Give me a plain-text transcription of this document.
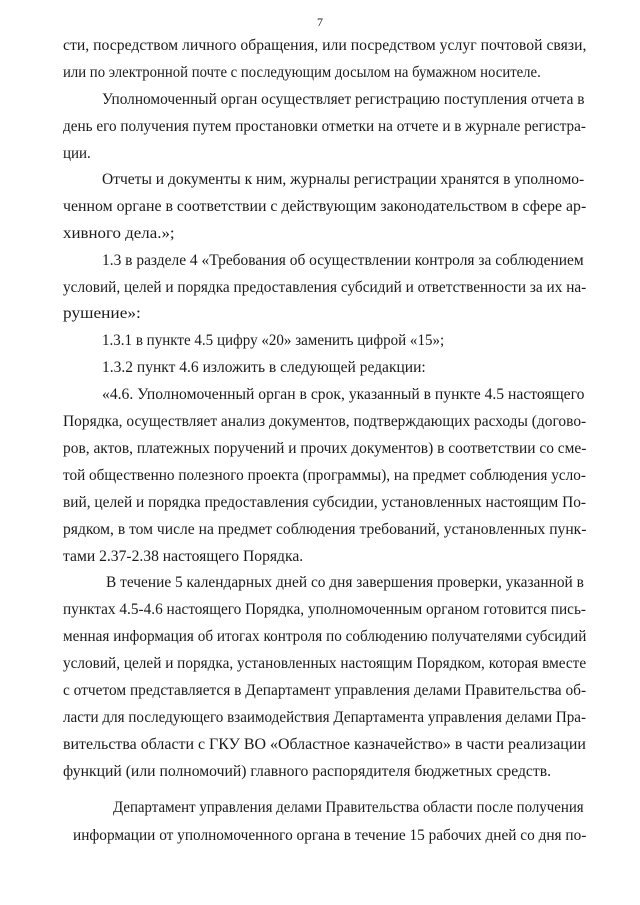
7
сти, посредством личного обращения, или посредством услуг почтовой связи,
или по электронной почте с последующим досылом на бумажном носителе.
Уполномоченный орган осуществляет регистрацию поступления отчета в
день его получения путем простановки отметки на отчете и в журнале регистра-
ции.
Отчеты и документы к ним, журналы регистрации хранятся в уполномо-
ченном органе в соответствии с действующим законодательством в сфере ар-
хивного дела.»;
1.3 в разделе 4 «Требования об осуществлении контроля за соблюдением
условий, целей и порядка предоставления субсидий и ответственности за их на-
рушение»:
1.3.1 в пункте 4.5 цифру «20» заменить цифрой «15»;
1.3.2 пункт 4.6 изложить в следующей редакции:
«4.6. Уполномоченный орган в срок, указанный в пункте 4.5 настоящего
Порядка, осуществляет анализ документов, подтверждающих расходы (догово-
ров, актов, платежных поручений и прочих документов) в соответствии со сме-
той общественно полезного проекта (программы), на предмет соблюдения усло-
вий, целей и порядка предоставления субсидии, установленных настоящим По-
рядком, в том числе на предмет соблюдения требований, установленных пунк-
тами 2.37-2.38 настоящего Порядка.
В течение 5 календарных дней со дня завершения проверки, указанной в
пунктах 4.5-4.6 настоящего Порядка, уполномоченным органом готовится пись-
менная информация об итогах контроля по соблюдению получателями субсидий
условий, целей и порядка, установленных настоящим Порядком, которая вместе
с отчетом представляется в Департамент управления делами Правительства об-
ласти для последующего взаимодействия Департамента управления делами Пра-
вительства области с ГКУ ВО «Областное казначейство» в части реализации
функций (или полномочий) главного распорядителя бюджетных средств.
Департамент управления делами Правительства области после получения
информации от уполномоченного органа в течение 15 рабочих дней со дня по-
